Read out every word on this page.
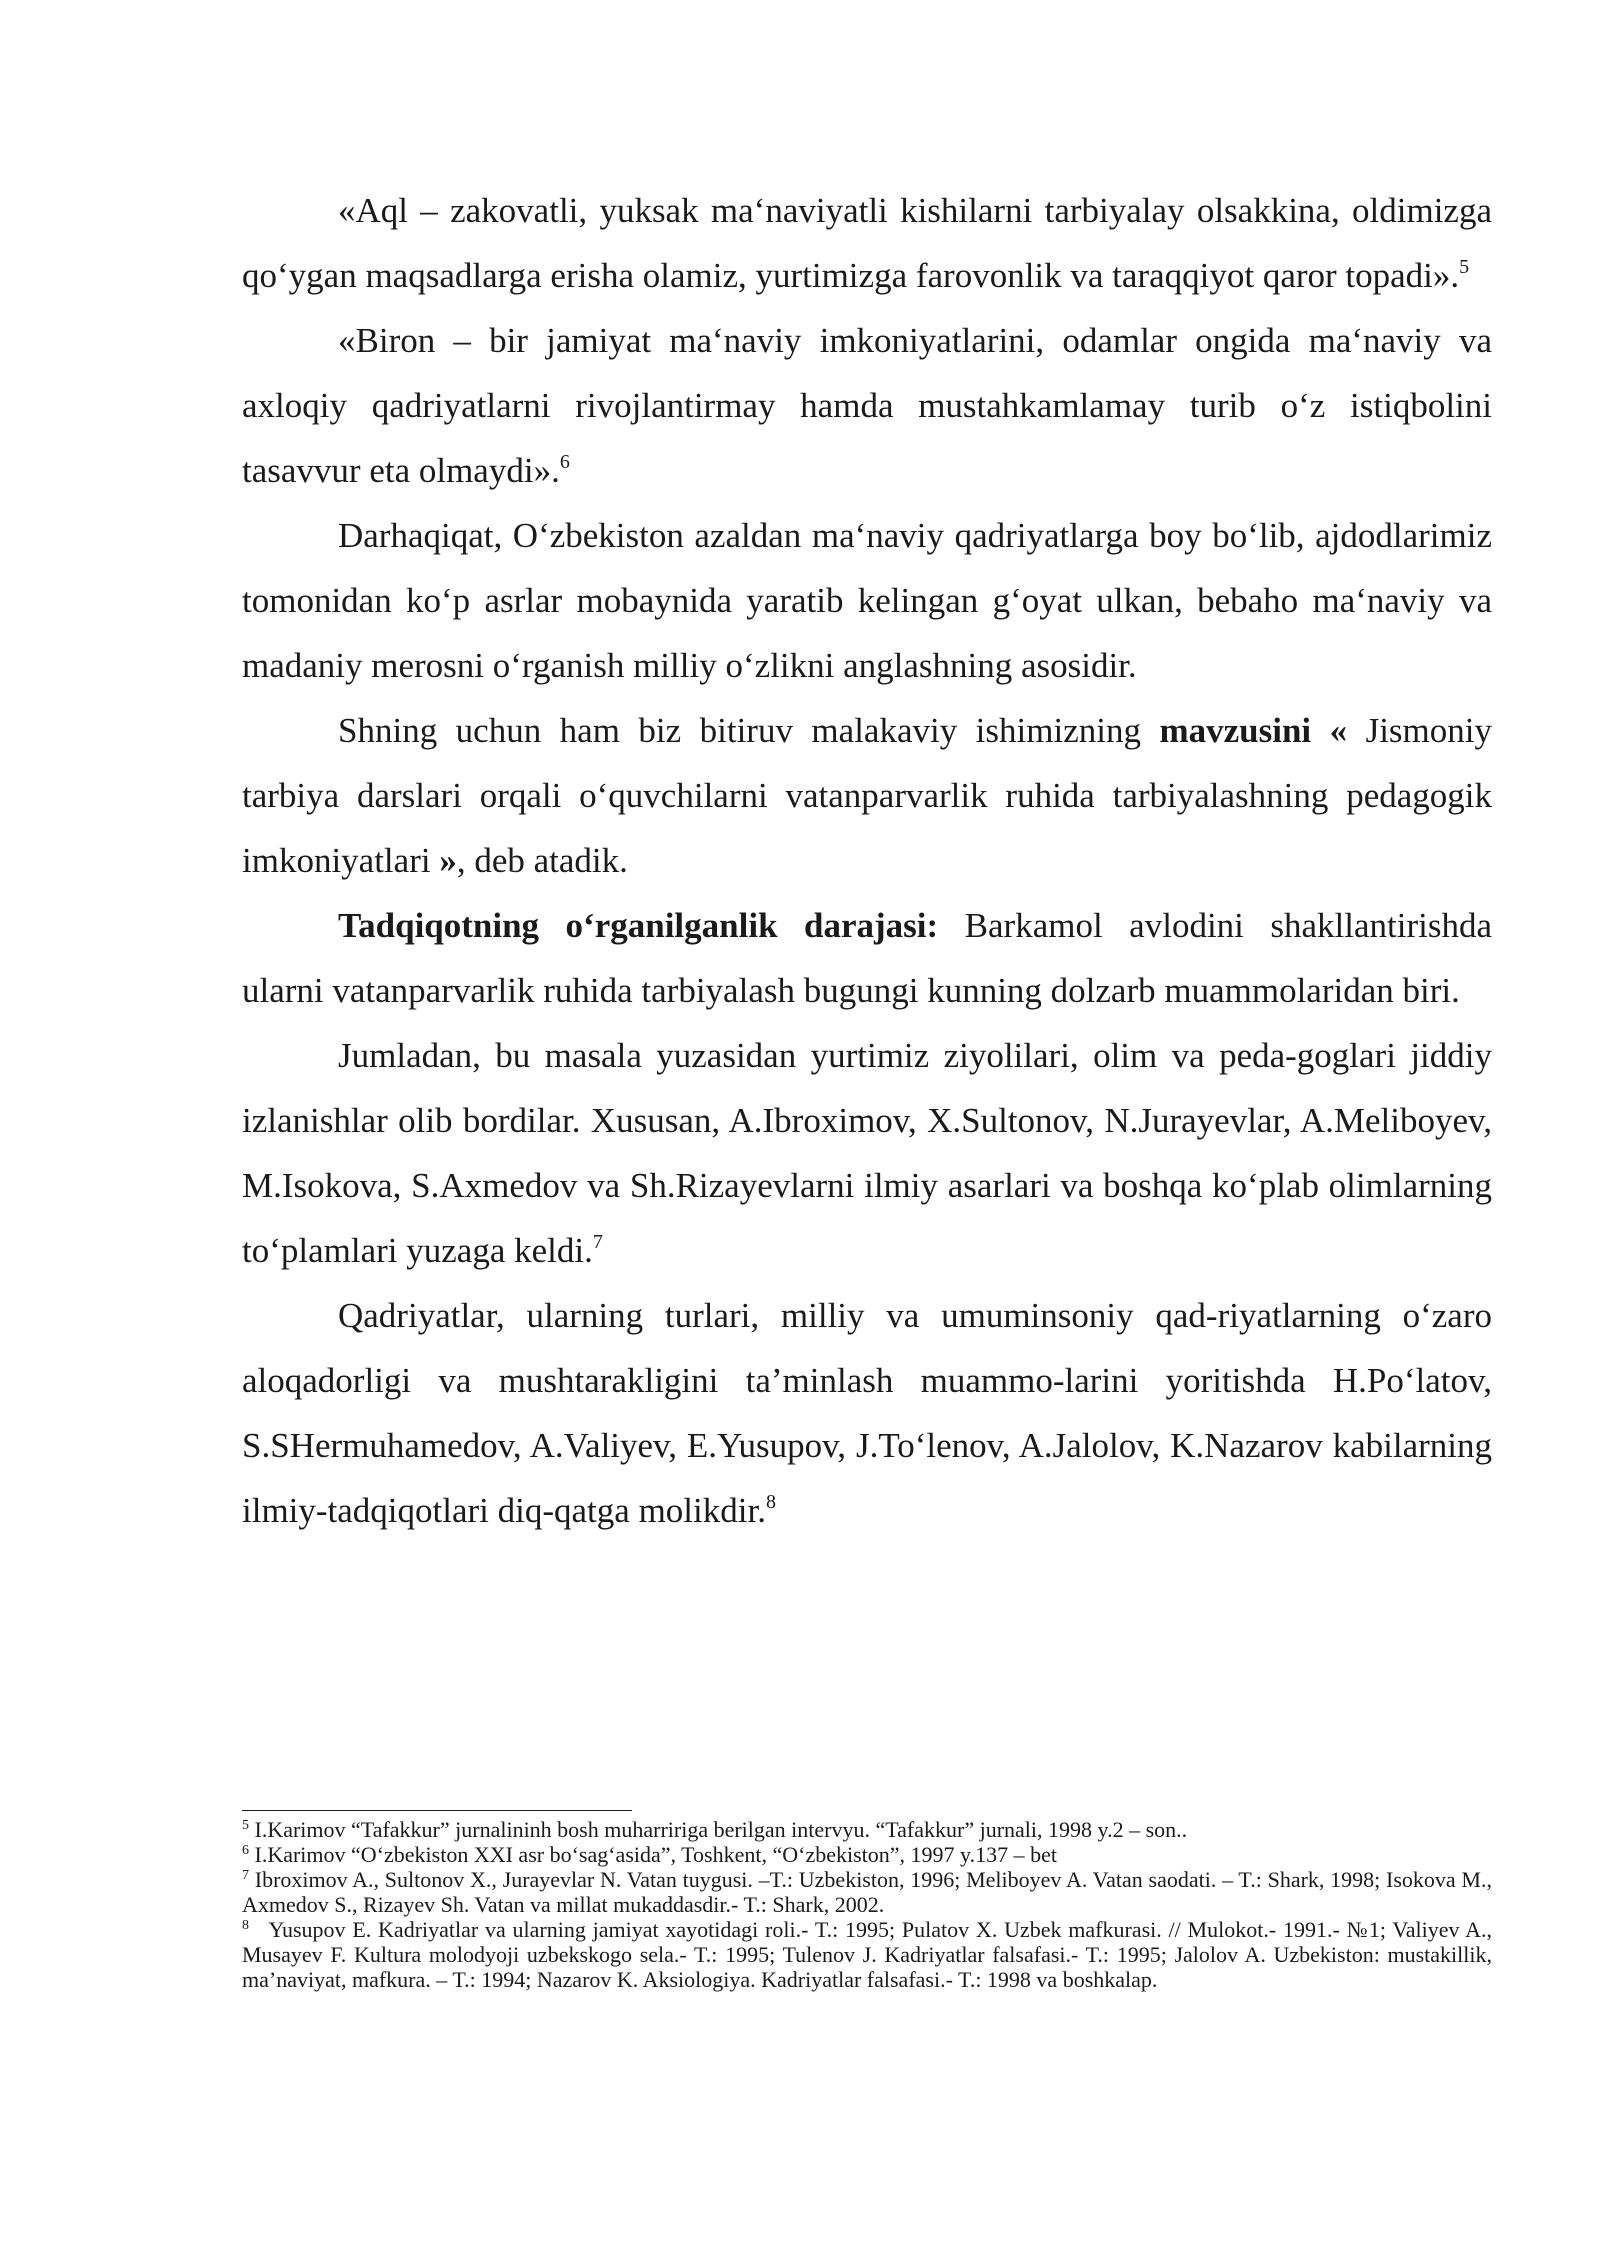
«Aql – zakovatli, yuksak ma‘naviyatli kishilarni tarbiyalay olsakkina, oldimizga qo‘ygan maqsadlarga erisha olamiz, yurtimizga farovonlik va taraqqiyot qaror topadi».$^5$

«Biron – bir jamiyat ma‘naviy imkoniyatlarini, odamlar ongida ma‘naviy va axloqiy qadriyatlarni rivojlantirmay hamda mustahkamlamay turib o‘z istiqbolini tasavvur eta olmaydi».$^6$

Darhaqiqat, O‘zbekiston azaldan ma‘naviy qadriyatlarga boy bo‘lib, ajdodlarimiz tomonidan ko‘p asrlar mobaynida yaratib kelingan g‘oyat ulkan, bebaho ma‘naviy va madaniy merosni o‘rganish milliy o‘zlikni anglashning asosidir.

Shning uchun ham biz bitiruv malakaviy ishimizning mavzusini « Jismoniy tarbiya darslari orqali o‘quvchilarni vatanparvarlik ruhida tarbiyalashning pedagogik imkoniyatlari », deb atadik.

Tadqiqotning o‘rganilganlik darajasi: Barkamol avlodini shakllantirishda ularni vatanparvarlik ruhida tarbiyalash bugungi kunning dolzarb muammolaridan biri.

Jumladan, bu masala yuzasidan yurtimiz ziyolilari, olim va peda-goglari jiddiy izlanishlar olib bordilar. Xususan, A.Ibroximov, X.Sultonov, N.Jurayevlar, A.Meliboyev, M.Isokova, S.Axmedov va Sh.Rizayevlarni ilmiy asarlari va boshqa ko‘plab olimlarning to‘plamlari yuzaga keldi.$^7$

Qadriyatlar, ularning turlari, milliy va umuminsoniy qad-riyatlarning o‘zaro aloqadorligi va mushtarakligini ta’minlash muammo-larini yoritishda H.Po‘latov, S.SHermuhamedov, A.Valiyev, E.Yusupov, J.To‘lenov, A.Jalolov, K.Nazarov kabilarning ilmiy-tadqiqotlari diq-qatga molikdir.$^8$

$^5$ I.Karimov “Tafakkur” jurnalininh bosh muharririga berilgan intervyu. “Tafakkur” jurnali, 1998 y.2 – son..

$^6$ I.Karimov “O‘zbekiston XXI asr bo‘sag‘asida”, Toshkent, “O‘zbekiston”, 1997 y.137 – bet

$^7$ Ibroximov A., Sultonov X., Jurayevlar N. Vatan tuygusi. –T.: Uzbekiston, 1996; Meliboyev A. Vatan saodati. – T.: Shark, 1998; Isokova M., Axmedov S., Rizayev Sh. Vatan va millat mukaddasdir.- T.: Shark, 2002.

$^8$   Yusupov E. Kadriyatlar va ularning jamiyat xayotidagi roli.- T.: 1995; Pulatov X. Uzbek mafkurasi. // Mulokot.- 1991.- №1; Valiyev A., Musayev F. Kultura molodyoji uzbekskogo sela.- T.: 1995; Tulenov J. Kadriyatlar falsafasi.- T.: 1995; Jalolov A. Uzbekiston: mustakillik, ma’naviyat, mafkura. – T.: 1994; Nazarov K. Aksiologiya. Kadriyatlar falsafasi.- T.: 1998 va boshkalap.
